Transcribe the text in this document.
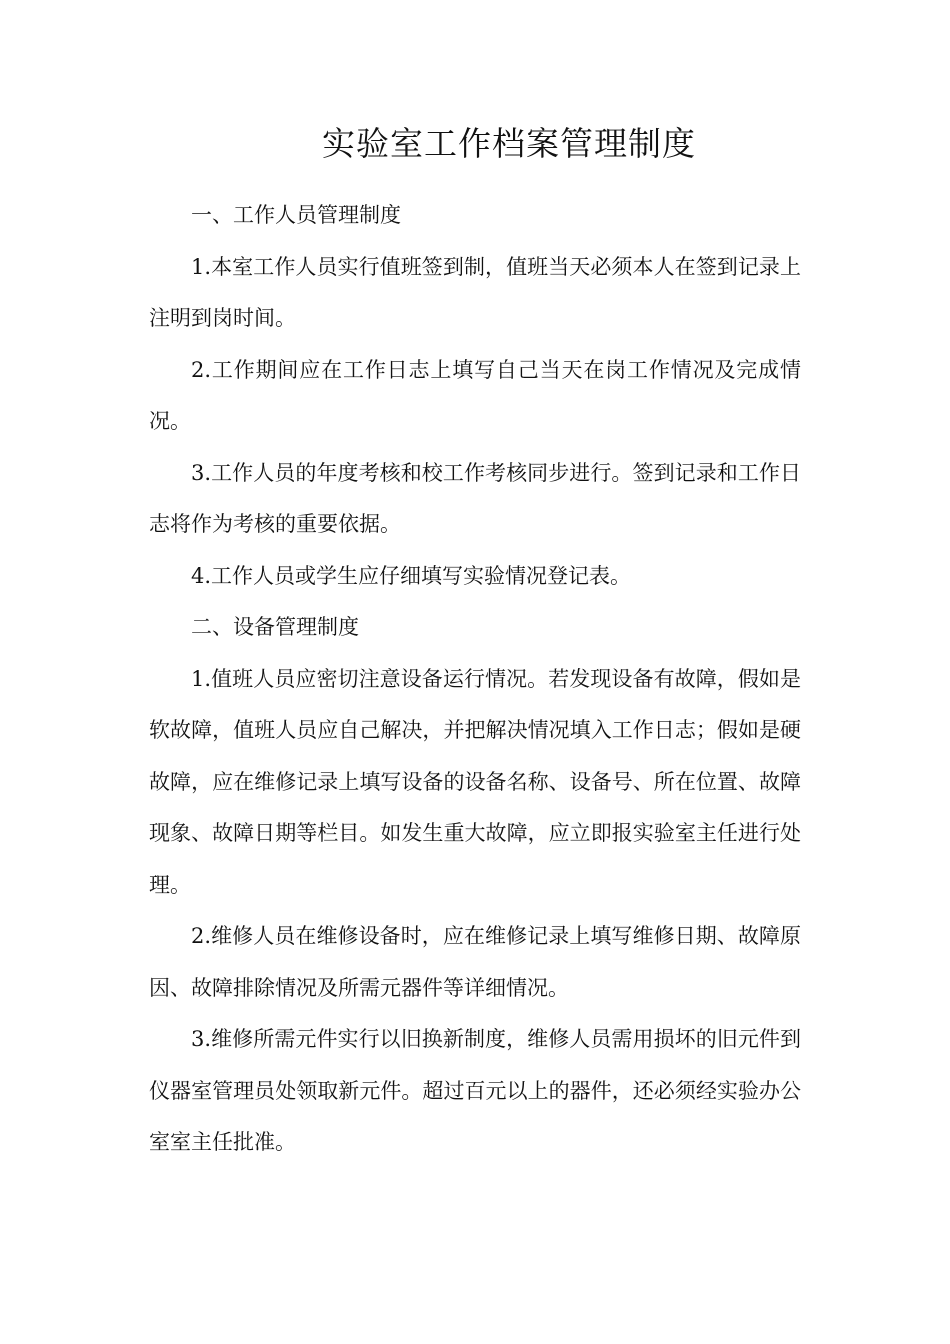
实验室工作档案管理制度

一、工作人员管理制度

1.本室工作人员实行值班签到制，值班当天必须本人在签到记录上注明到岗时间。

2.工作期间应在工作日志上填写自己当天在岗工作情况及完成情况。

3.工作人员的年度考核和校工作考核同步进行。签到记录和工作日志将作为考核的重要依据。

4.工作人员或学生应仔细填写实验情况登记表。

二、设备管理制度

1.值班人员应密切注意设备运行情况。若发现设备有故障，假如是软故障，值班人员应自己解决，并把解决情况填入工作日志；假如是硬故障，应在维修记录上填写设备的设备名称、设备号、所在位置、故障现象、故障日期等栏目。如发生重大故障，应立即报实验室主任进行处理。

2.维修人员在维修设备时，应在维修记录上填写维修日期、故障原因、故障排除情况及所需元器件等详细情况。

3.维修所需元件实行以旧换新制度，维修人员需用损坏的旧元件到仪器室管理员处领取新元件。超过百元以上的器件，还必须经实验办公室室主任批准。
